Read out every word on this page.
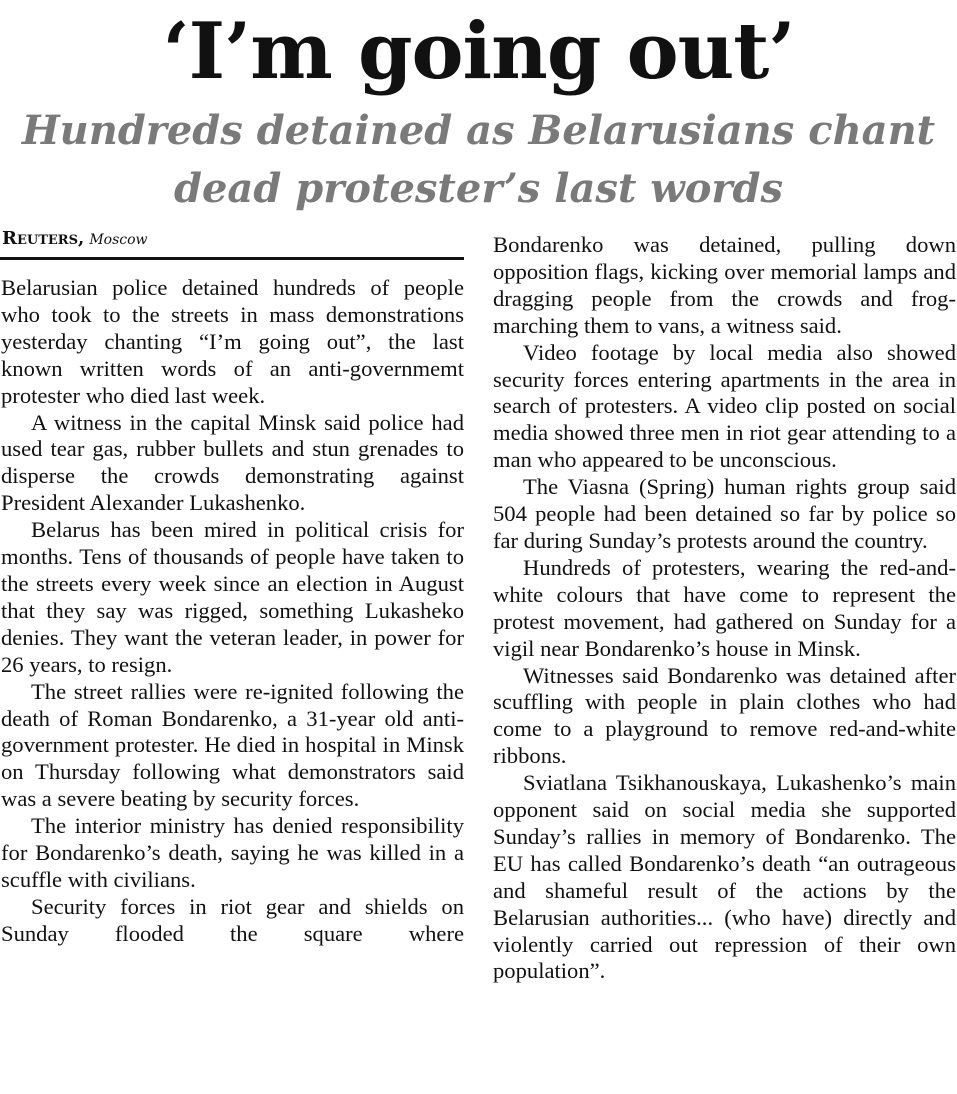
‘I’m going out’
Hundreds detained as Belarusians chant dead protester’s last words
Reuters, Moscow

Belarusian police detained hundreds of people who took to the streets in mass demonstrations yesterday chanting “I’m going out”, the last known written words of an anti-governmemt protester who died last week.

A witness in the capital Minsk said police had used tear gas, rubber bullets and stun grenades to disperse the crowds demonstrating against President Alexander Lukashenko.

Belarus has been mired in political crisis for months. Tens of thousands of people have taken to the streets every week since an election in August that they say was rigged, something Lukasheko denies. They want the veteran leader, in power for 26 years, to resign.

The street rallies were re-ignited following the death of Roman Bondarenko, a 31-year old anti-government protester. He died in hospital in Minsk on Thursday following what demonstrators said was a severe beating by security forces.

The interior ministry has denied responsibility for Bondarenko’s death, saying he was killed in a scuffle with civilians.

Security forces in riot gear and shields on Sunday flooded the square where

Bondarenko was detained, pulling down opposition flags, kicking over memorial lamps and dragging people from the crowds and frog-marching them to vans, a witness said.

Video footage by local media also showed security forces entering apartments in the area in search of protesters. A video clip posted on social media showed three men in riot gear attending to a man who appeared to be unconscious.

The Viasna (Spring) human rights group said 504 people had been detained so far by police so far during Sunday’s protests around the country.

Hundreds of protesters, wearing the red-and-white colours that have come to represent the protest movement, had gathered on Sunday for a vigil near Bondarenko’s house in Minsk.

Witnesses said Bondarenko was detained after scuffling with people in plain clothes who had come to a playground to remove red-and-white ribbons.

Sviatlana Tsikhanouskaya, Lukashenko’s main opponent said on social media she supported Sunday’s rallies in memory of Bondarenko. The EU has called Bondarenko’s death “an outrageous and shameful result of the actions by the Belarusian authorities... (who have) directly and violently carried out repression of their own population”.
